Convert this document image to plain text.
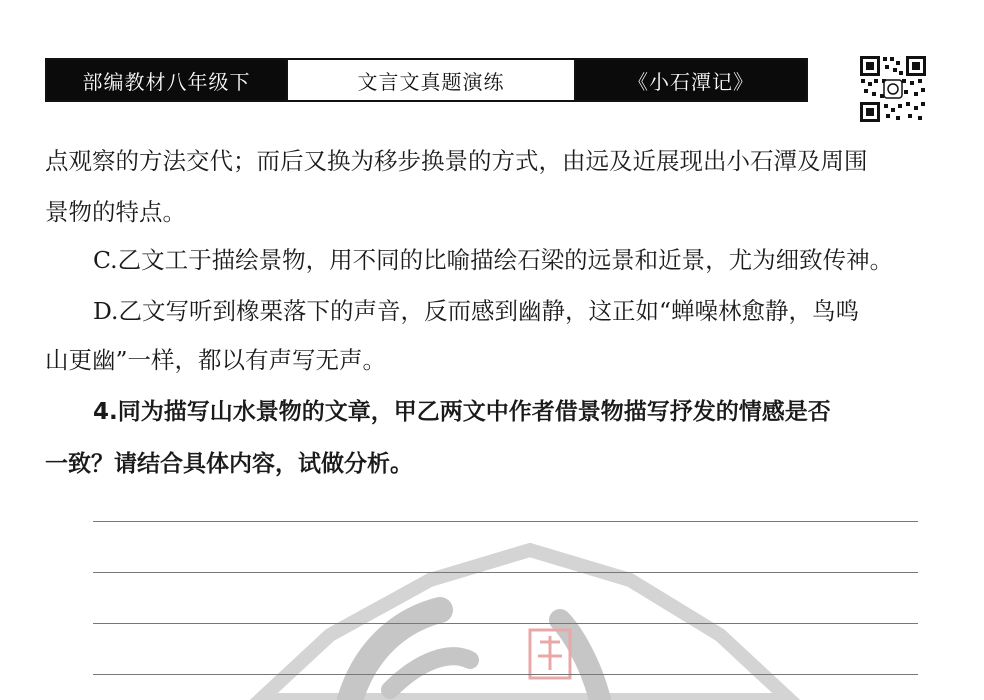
部编教材八年级下	文言文真题演练	《小石潭记》
点观察的方法交代；而后又换为移步换景的方式，由远及近展现出小石潭及周围
景物的特点。
C.乙文工于描绘景物，用不同的比喻描绘石梁的远景和近景，尤为细致传神。
D.乙文写听到橡栗落下的声音，反而感到幽静，这正如“蝉噪林愈静，鸟鸣
山更幽”一样，都以有声写无声。
4.同为描写山水景物的文章，甲乙两文中作者借景物描写抒发的情感是否
一致？请结合具体内容，试做分析。
